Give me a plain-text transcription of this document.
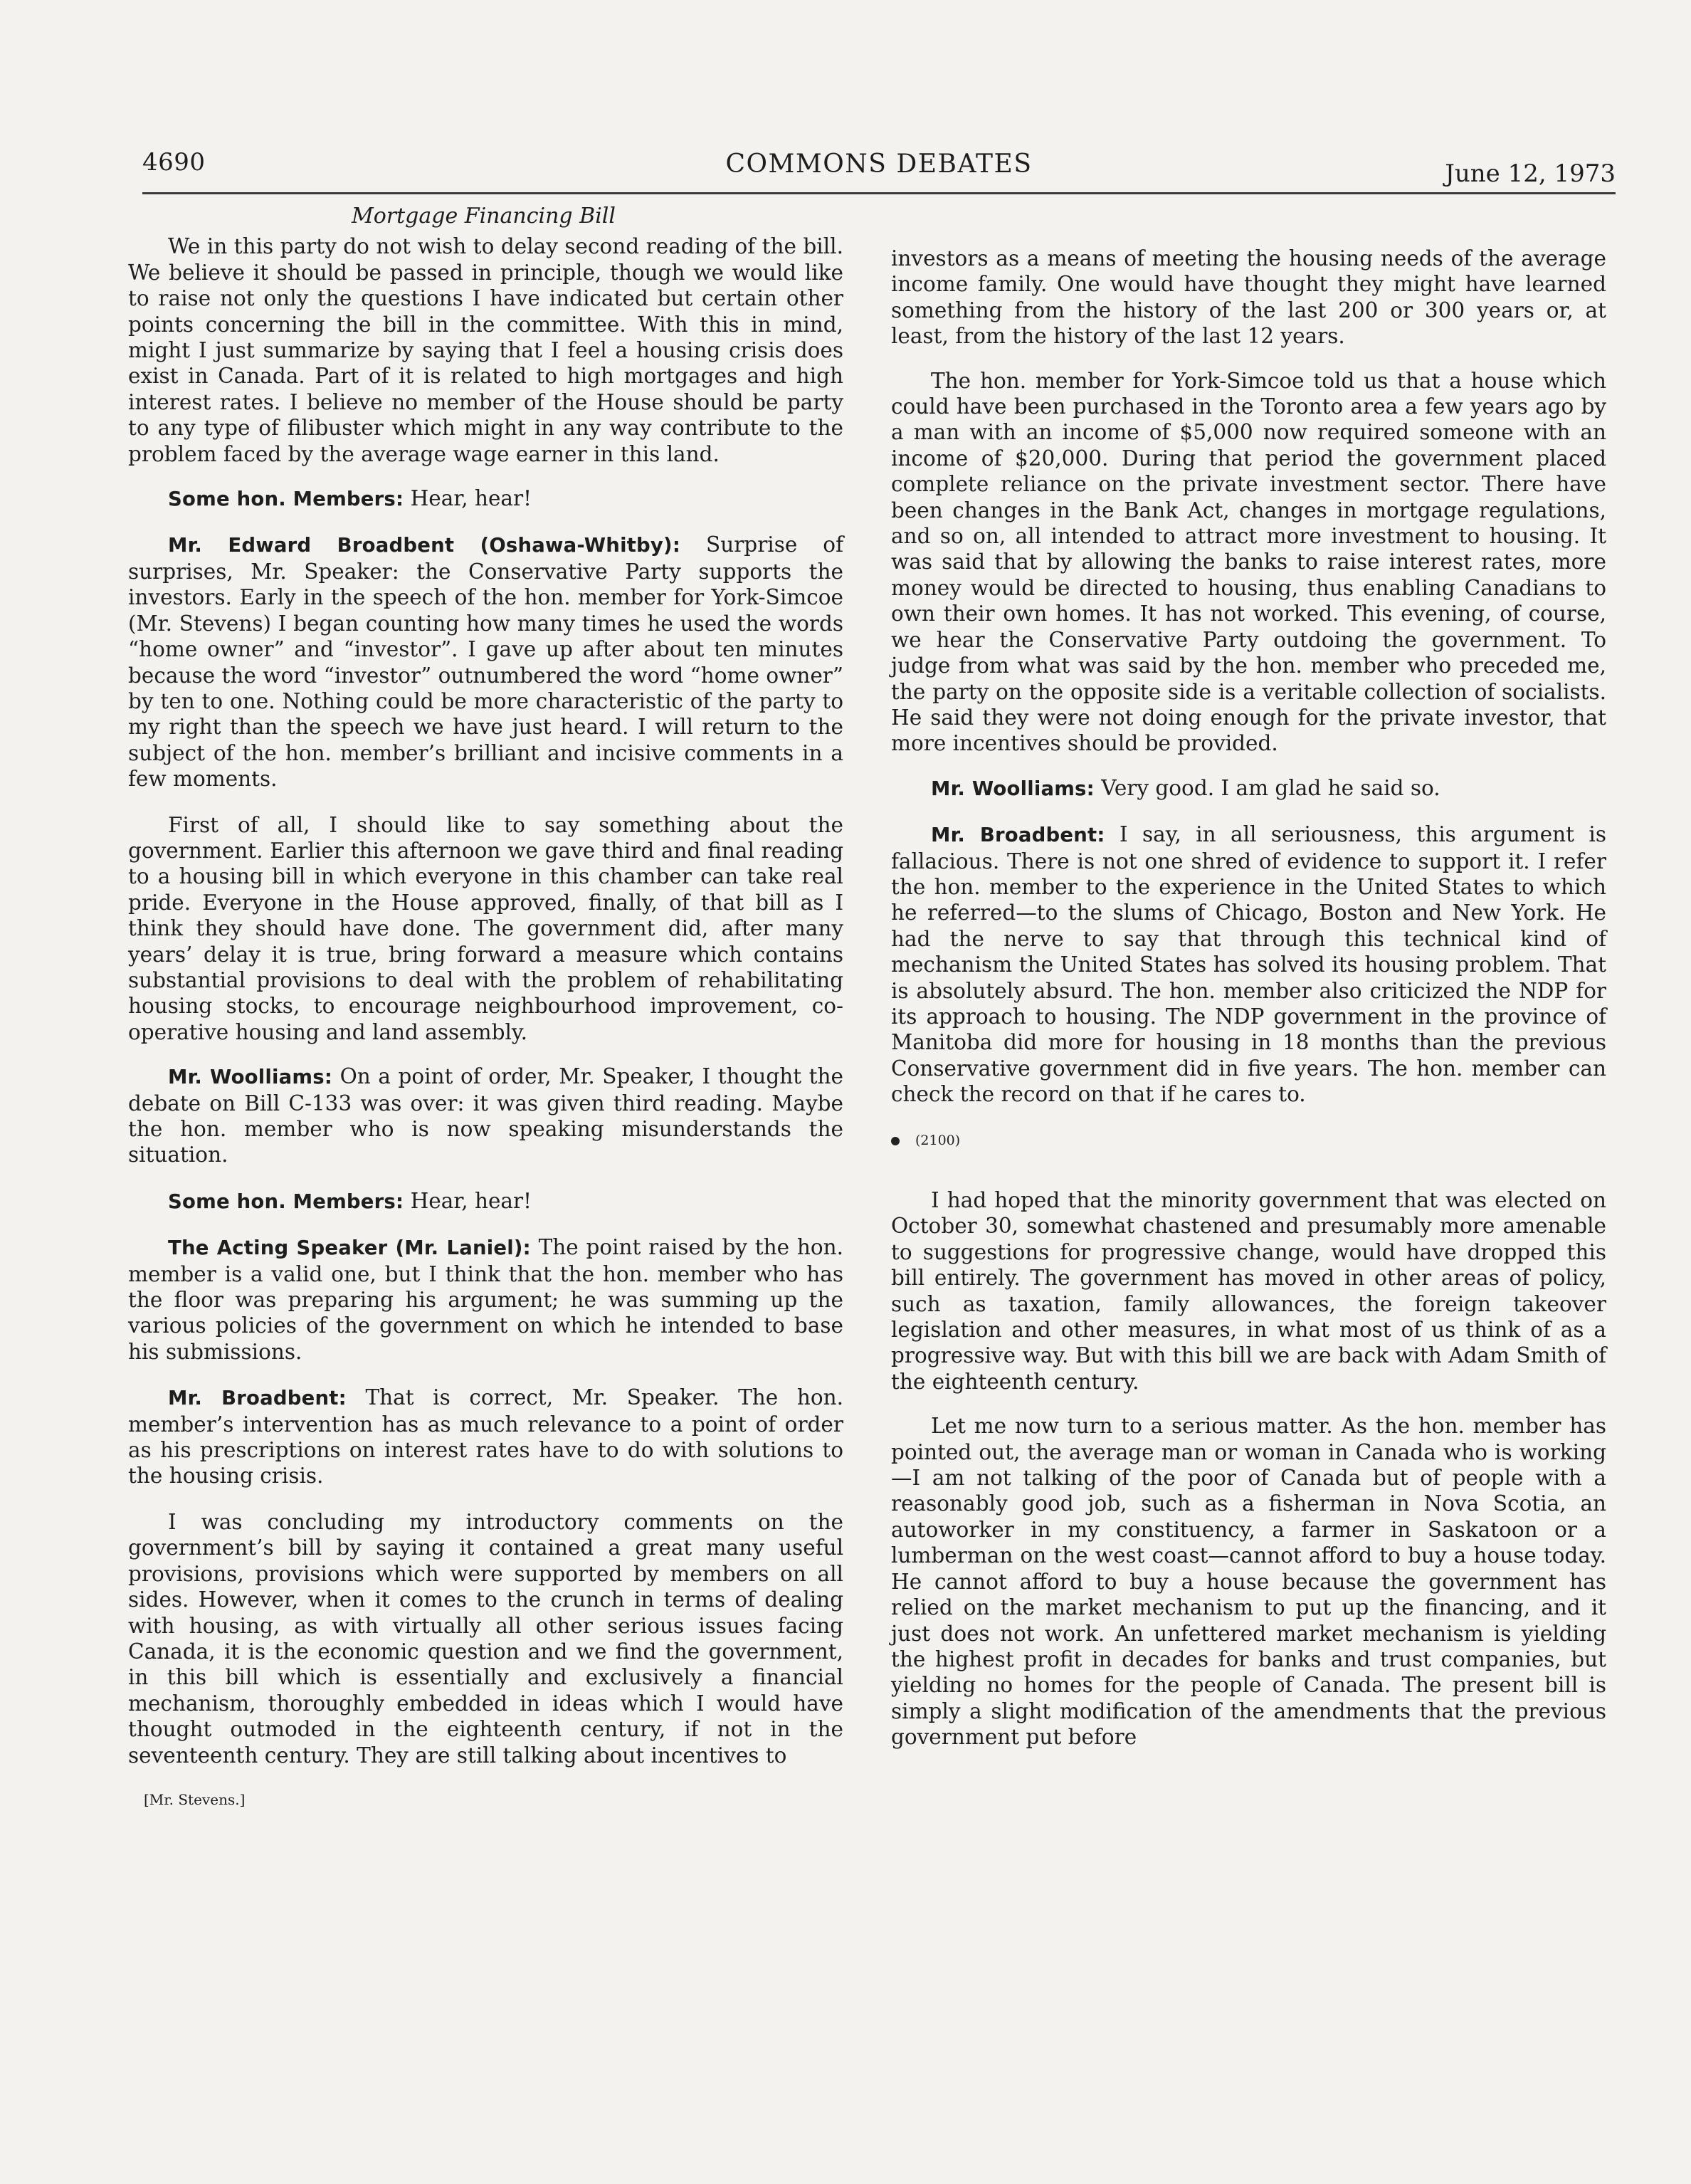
4690	COMMONS DEBATES	June 12, 1973
Mortgage Financing Bill

We in this party do not wish to delay second reading of the bill. We believe it should be passed in principle, though we would like to raise not only the questions I have indicated but certain other points concerning the bill in the committee. With this in mind, might I just summarize by saying that I feel a housing crisis does exist in Canada. Part of it is related to high mortgages and high interest rates. I believe no member of the House should be party to any type of filibuster which might in any way contribute to the problem faced by the average wage earner in this land.

Some hon. Members: Hear, hear!

Mr. Edward Broadbent (Oshawa-Whitby): Surprise of surprises, Mr. Speaker: the Conservative Party supports the investors. Early in the speech of the hon. member for York-Simcoe (Mr. Stevens) I began counting how many times he used the words “home owner” and “investor”. I gave up after about ten minutes because the word “investor” outnumbered the word “home owner” by ten to one. Nothing could be more characteristic of the party to my right than the speech we have just heard. I will return to the subject of the hon. member’s brilliant and incisive comments in a few moments.

First of all, I should like to say something about the government. Earlier this afternoon we gave third and final reading to a housing bill in which everyone in this chamber can take real pride. Everyone in the House approved, finally, of that bill as I think they should have done. The government did, after many years’ delay it is true, bring forward a measure which contains substantial provisions to deal with the problem of rehabilitating housing stocks, to encourage neighbourhood improvement, co-operative housing and land assembly.

Mr. Woolliams: On a point of order, Mr. Speaker, I thought the debate on Bill C-133 was over: it was given third reading. Maybe the hon. member who is now speaking misunderstands the situation.

Some hon. Members: Hear, hear!

The Acting Speaker (Mr. Laniel): The point raised by the hon. member is a valid one, but I think that the hon. member who has the floor was preparing his argument; he was summing up the various policies of the government on which he intended to base his submissions.

Mr. Broadbent: That is correct, Mr. Speaker. The hon. member’s intervention has as much relevance to a point of order as his prescriptions on interest rates have to do with solutions to the housing crisis.

I was concluding my introductory comments on the government’s bill by saying it contained a great many useful provisions, provisions which were supported by members on all sides. However, when it comes to the crunch in terms of dealing with housing, as with virtually all other serious issues facing Canada, it is the economic question and we find the government, in this bill which is essentially and exclusively a financial mechanism, thoroughly embedded in ideas which I would have thought outmoded in the eighteenth century, if not in the seventeenth century. They are still talking about incentives to

[Mr. Stevens.]

investors as a means of meeting the housing needs of the average income family. One would have thought they might have learned something from the history of the last 200 or 300 years or, at least, from the history of the last 12 years.

The hon. member for York-Simcoe told us that a house which could have been purchased in the Toronto area a few years ago by a man with an income of $5,000 now required someone with an income of $20,000. During that period the government placed complete reliance on the private investment sector. There have been changes in the Bank Act, changes in mortgage regulations, and so on, all intended to attract more investment to housing. It was said that by allowing the banks to raise interest rates, more money would be directed to housing, thus enabling Canadians to own their own homes. It has not worked. This evening, of course, we hear the Conservative Party outdoing the government. To judge from what was said by the hon. member who preceded me, the party on the opposite side is a veritable collection of socialists. He said they were not doing enough for the private investor, that more incentives should be provided.

Mr. Woolliams: Very good. I am glad he said so.

Mr. Broadbent: I say, in all seriousness, this argument is fallacious. There is not one shred of evidence to support it. I refer the hon. member to the experience in the United States to which he referred—to the slums of Chicago, Boston and New York. He had the nerve to say that through this technical kind of mechanism the United States has solved its housing problem. That is absolutely absurd. The hon. member also criticized the NDP for its approach to housing. The NDP government in the province of Manitoba did more for housing in 18 months than the previous Conservative government did in five years. The hon. member can check the record on that if he cares to.

(2100)

I had hoped that the minority government that was elected on October 30, somewhat chastened and presumably more amenable to suggestions for progressive change, would have dropped this bill entirely. The government has moved in other areas of policy, such as taxation, family allowances, the foreign takeover legislation and other measures, in what most of us think of as a progressive way. But with this bill we are back with Adam Smith of the eighteenth century.

Let me now turn to a serious matter. As the hon. member has pointed out, the average man or woman in Canada who is working—I am not talking of the poor of Canada but of people with a reasonably good job, such as a fisherman in Nova Scotia, an autoworker in my constituency, a farmer in Saskatoon or a lumberman on the west coast—cannot afford to buy a house today. He cannot afford to buy a house because the government has relied on the market mechanism to put up the financing, and it just does not work. An unfettered market mechanism is yielding the highest profit in decades for banks and trust companies, but yielding no homes for the people of Canada. The present bill is simply a slight modification of the amendments that the previous government put before
